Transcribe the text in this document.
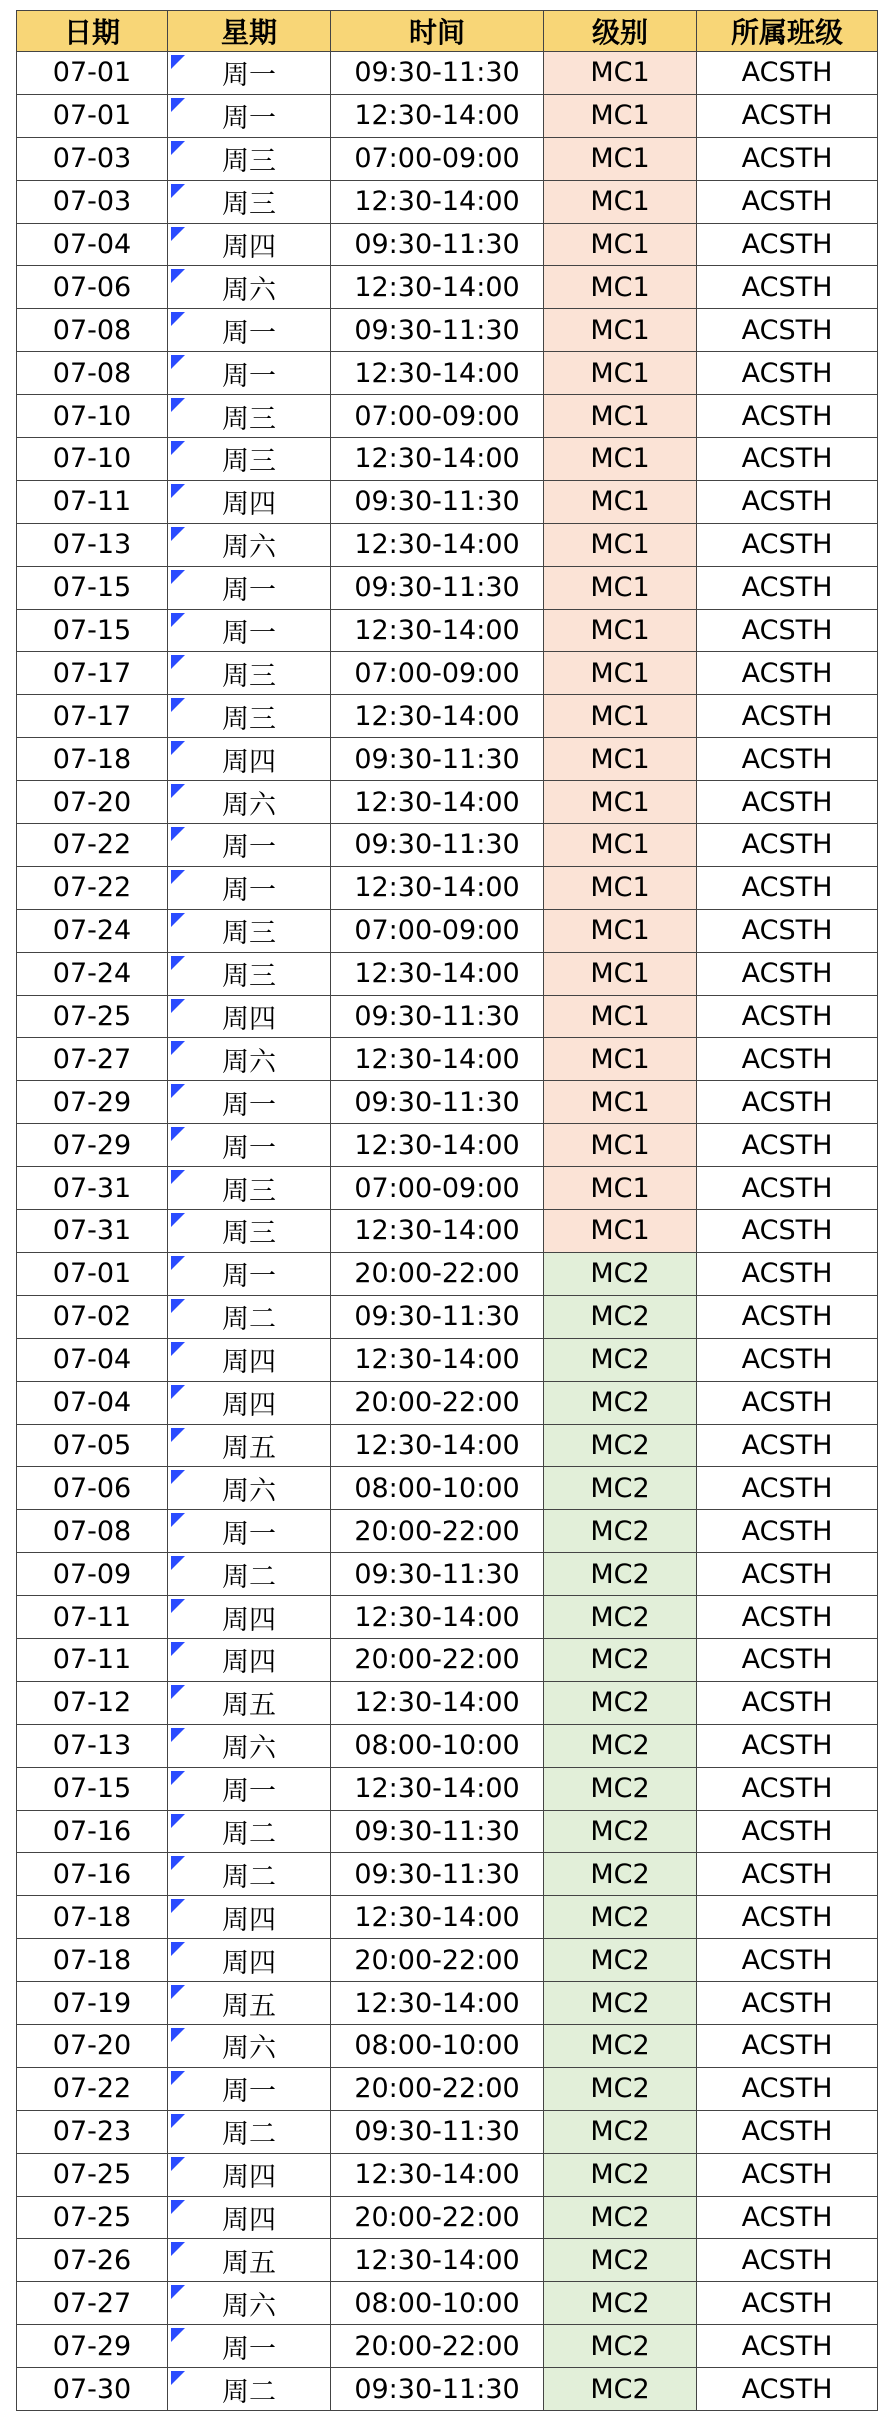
日期	星期	时间	级别	所属班级
07-01	周一	09:30-11:30	MC1	ACSTH
07-01	周一	12:30-14:00	MC1	ACSTH
07-03	周三	07:00-09:00	MC1	ACSTH
07-03	周三	12:30-14:00	MC1	ACSTH
07-04	周四	09:30-11:30	MC1	ACSTH
07-06	周六	12:30-14:00	MC1	ACSTH
07-08	周一	09:30-11:30	MC1	ACSTH
07-08	周一	12:30-14:00	MC1	ACSTH
07-10	周三	07:00-09:00	MC1	ACSTH
07-10	周三	12:30-14:00	MC1	ACSTH
07-11	周四	09:30-11:30	MC1	ACSTH
07-13	周六	12:30-14:00	MC1	ACSTH
07-15	周一	09:30-11:30	MC1	ACSTH
07-15	周一	12:30-14:00	MC1	ACSTH
07-17	周三	07:00-09:00	MC1	ACSTH
07-17	周三	12:30-14:00	MC1	ACSTH
07-18	周四	09:30-11:30	MC1	ACSTH
07-20	周六	12:30-14:00	MC1	ACSTH
07-22	周一	09:30-11:30	MC1	ACSTH
07-22	周一	12:30-14:00	MC1	ACSTH
07-24	周三	07:00-09:00	MC1	ACSTH
07-24	周三	12:30-14:00	MC1	ACSTH
07-25	周四	09:30-11:30	MC1	ACSTH
07-27	周六	12:30-14:00	MC1	ACSTH
07-29	周一	09:30-11:30	MC1	ACSTH
07-29	周一	12:30-14:00	MC1	ACSTH
07-31	周三	07:00-09:00	MC1	ACSTH
07-31	周三	12:30-14:00	MC1	ACSTH
07-01	周一	20:00-22:00	MC2	ACSTH
07-02	周二	09:30-11:30	MC2	ACSTH
07-04	周四	12:30-14:00	MC2	ACSTH
07-04	周四	20:00-22:00	MC2	ACSTH
07-05	周五	12:30-14:00	MC2	ACSTH
07-06	周六	08:00-10:00	MC2	ACSTH
07-08	周一	20:00-22:00	MC2	ACSTH
07-09	周二	09:30-11:30	MC2	ACSTH
07-11	周四	12:30-14:00	MC2	ACSTH
07-11	周四	20:00-22:00	MC2	ACSTH
07-12	周五	12:30-14:00	MC2	ACSTH
07-13	周六	08:00-10:00	MC2	ACSTH
07-15	周一	12:30-14:00	MC2	ACSTH
07-16	周二	09:30-11:30	MC2	ACSTH
07-16	周二	09:30-11:30	MC2	ACSTH
07-18	周四	12:30-14:00	MC2	ACSTH
07-18	周四	20:00-22:00	MC2	ACSTH
07-19	周五	12:30-14:00	MC2	ACSTH
07-20	周六	08:00-10:00	MC2	ACSTH
07-22	周一	20:00-22:00	MC2	ACSTH
07-23	周二	09:30-11:30	MC2	ACSTH
07-25	周四	12:30-14:00	MC2	ACSTH
07-25	周四	20:00-22:00	MC2	ACSTH
07-26	周五	12:30-14:00	MC2	ACSTH
07-27	周六	08:00-10:00	MC2	ACSTH
07-29	周一	20:00-22:00	MC2	ACSTH
07-30	周二	09:30-11:30	MC2	ACSTH
